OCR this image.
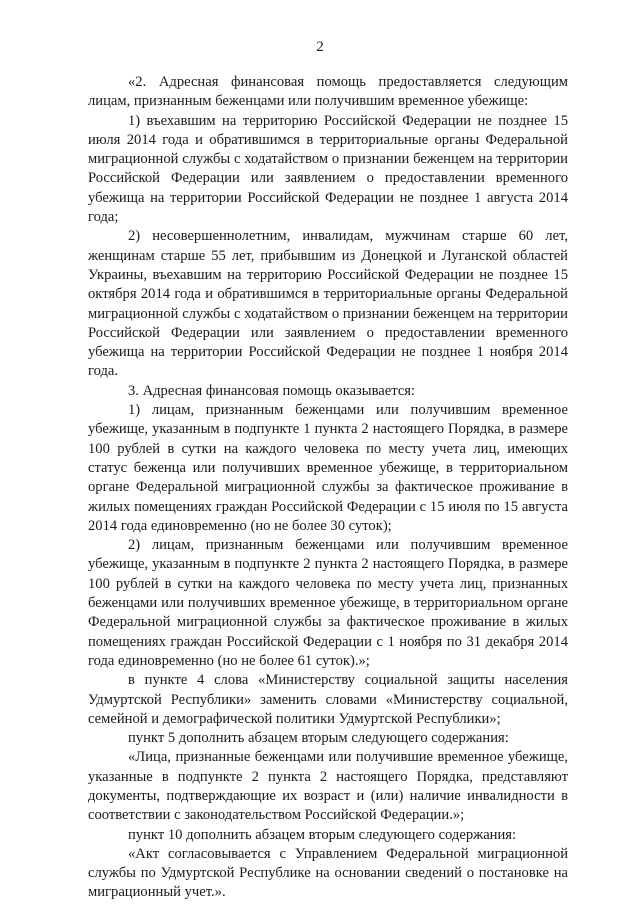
2

«2. Адресная финансовая помощь предоставляется следующим лицам, признанным беженцами или получившим временное убежище:

1) въехавшим на территорию Российской Федерации не позднее 15 июля 2014 года и обратившимся в территориальные органы Федеральной миграционной службы с ходатайством о признании беженцем на территории Российской Федерации или заявлением о предоставлении временного убежища на территории Российской Федерации не позднее 1 августа 2014 года;

2) несовершеннолетним, инвалидам, мужчинам старше 60 лет, женщинам старше 55 лет, прибывшим из Донецкой и Луганской областей Украины, въехавшим на территорию Российской Федерации не позднее 15 октября 2014 года и обратившимся в территориальные органы Федеральной миграционной службы с ходатайством о признании беженцем на территории Российской Федерации или заявлением о предоставлении временного убежища на территории Российской Федерации не позднее 1 ноября 2014 года.

3. Адресная финансовая помощь оказывается:

1) лицам, признанным беженцами или получившим временное убежище, указанным в подпункте 1 пункта 2 настоящего Порядка, в размере 100 рублей в сутки на каждого человека по месту учета лиц, имеющих статус беженца или получивших временное убежище, в территориальном органе Федеральной миграционной службы за фактическое проживание в жилых помещениях граждан Российской Федерации с 15 июля по 15 августа 2014 года единовременно (но не более 30 суток);

2) лицам, признанным беженцами или получившим временное убежище, указанным в подпункте 2 пункта 2 настоящего Порядка, в размере 100 рублей в сутки на каждого человека по месту учета лиц, признанных беженцами или получивших временное убежище, в территориальном органе Федеральной миграционной службы за фактическое проживание в жилых помещениях граждан Российской Федерации с 1 ноября по 31 декабря 2014 года единовременно (но не более 61 суток).»;

в пункте 4 слова «Министерству социальной защиты населения Удмуртской Республики» заменить словами «Министерству социальной, семейной и демографической политики Удмуртской Республики»;

пункт 5 дополнить абзацем вторым следующего содержания:

«Лица, признанные беженцами или получившие временное убежище, указанные в подпункте 2 пункта 2 настоящего Порядка, представляют документы, подтверждающие их возраст и (или) наличие инвалидности в соответствии с законодательством Российской Федерации.»;

пункт 10 дополнить абзацем вторым следующего содержания:

«Акт согласовывается с Управлением Федеральной миграционной службы по Удмуртской Республике на основании сведений о постановке на миграционный учет.».
